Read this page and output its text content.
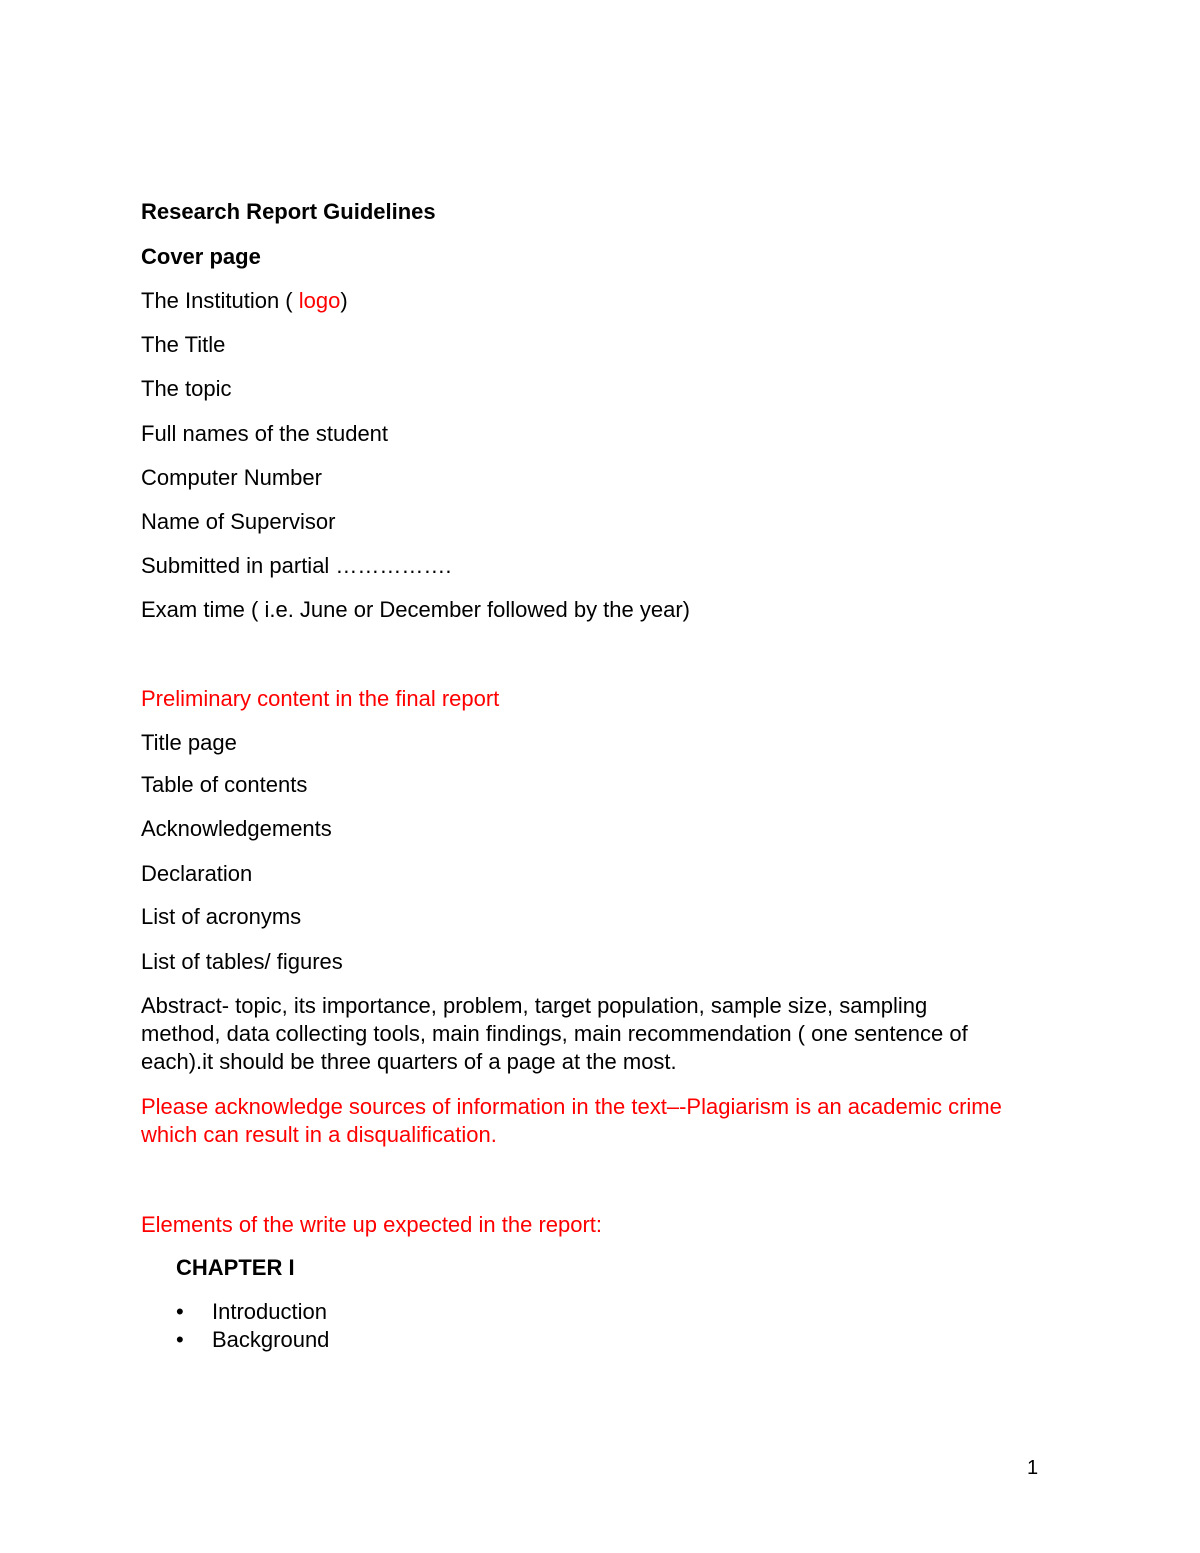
Research Report Guidelines
Cover page
The Institution ( logo)
The Title
The topic
Full names of the student
Computer Number
Name of Supervisor
Submitted in partial …………….
Exam time ( i.e. June or December followed by the year)
Preliminary content in the final report
Title page
Table of contents
Acknowledgements
Declaration
List of acronyms
List of tables/ figures
Abstract- topic, its importance, problem, target population, sample size, sampling method, data collecting tools, main findings, main recommendation ( one sentence of each).it should be three quarters of a page at the most.
Please acknowledge sources of information in the text–-Plagiarism is an academic crime which can result in a disqualification.
Elements of the write up expected in the report:
CHAPTER I
•	Introduction
•	Background
1
